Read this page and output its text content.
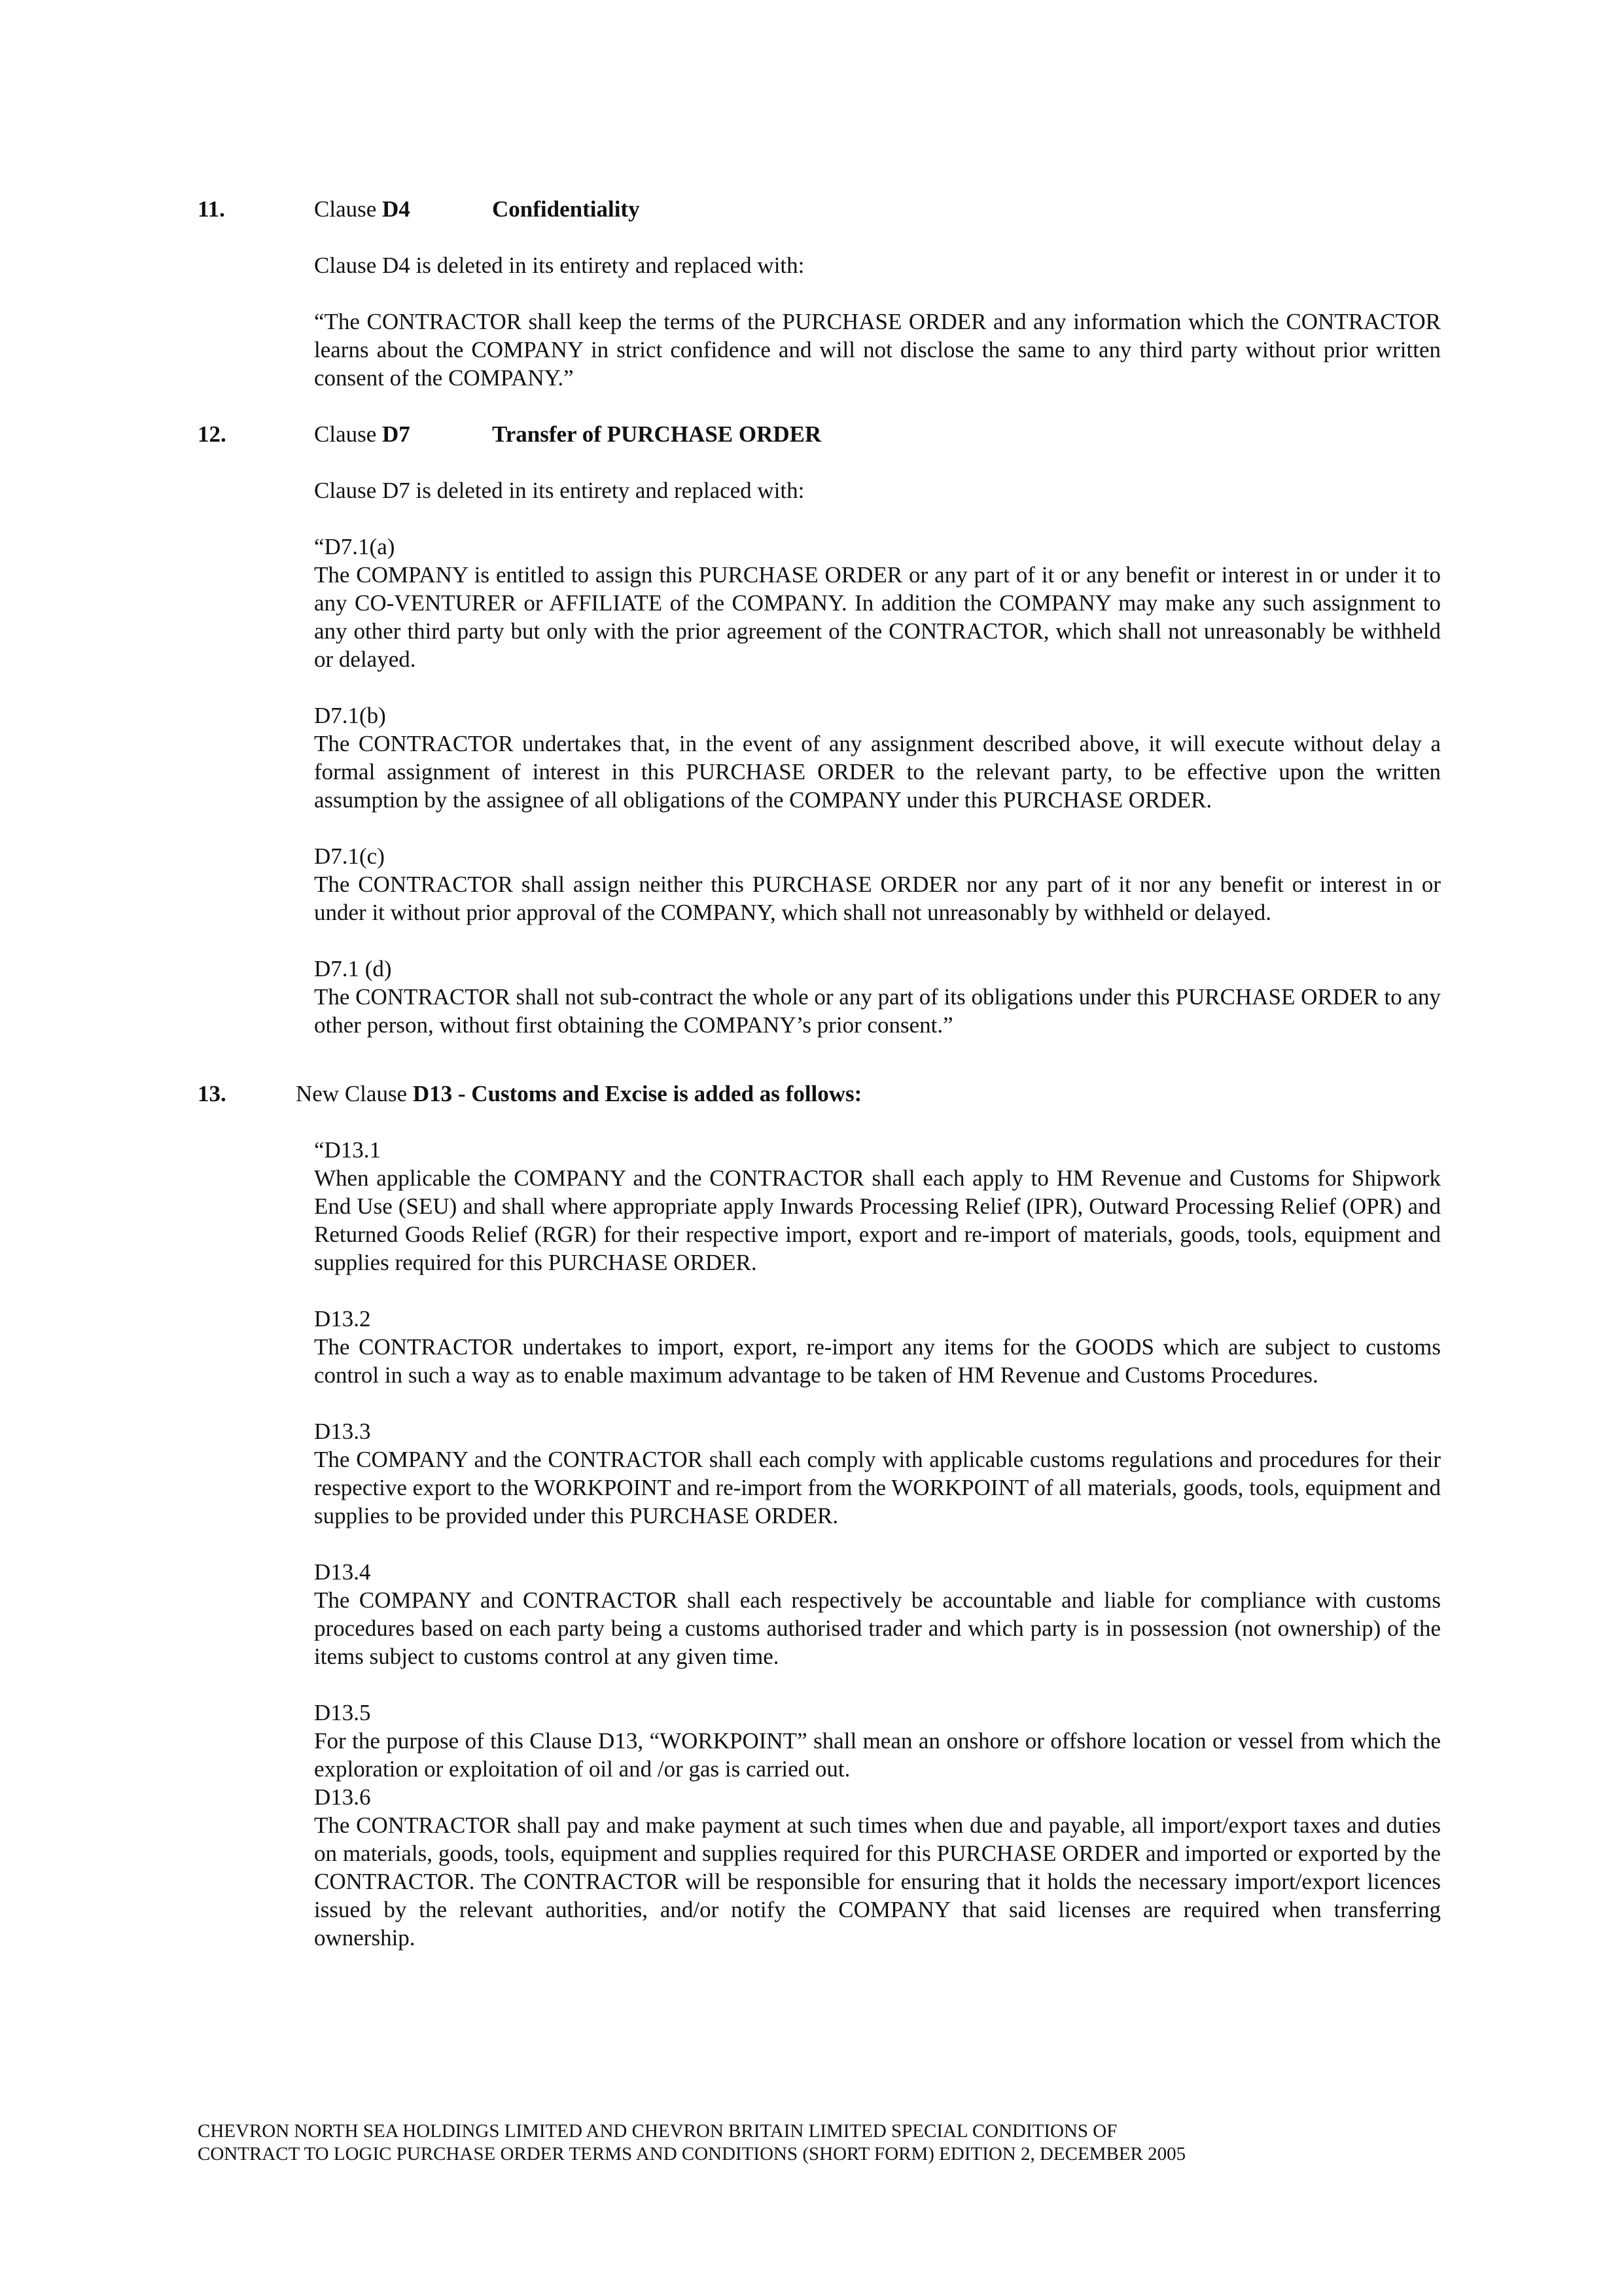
11.	Clause D4	Confidentiality

Clause D4 is deleted in its entirety and replaced with:

“The CONTRACTOR shall keep the terms of the PURCHASE ORDER and any information which the CONTRACTOR learns about the COMPANY in strict confidence and will not disclose the same to any third party without prior written consent of the COMPANY.”

12.	Clause D7	Transfer of PURCHASE ORDER

Clause D7 is deleted in its entirety and replaced with:

“D7.1(a)

The COMPANY is entitled to assign this PURCHASE ORDER or any part of it or any benefit or interest in or under it to any CO-VENTURER or AFFILIATE of the COMPANY. In addition the COMPANY may make any such assignment to any other third party but only with the prior agreement of the CONTRACTOR, which shall not unreasonably be withheld or delayed.

D7.1(b)

The CONTRACTOR undertakes that, in the event of any assignment described above, it will execute without delay a formal assignment of interest in this PURCHASE ORDER to the relevant party, to be effective upon the written assumption by the assignee of all obligations of the COMPANY under this PURCHASE ORDER.

D7.1(c)

The CONTRACTOR shall assign neither this PURCHASE ORDER nor any part of it nor any benefit or interest in or under it without prior approval of the COMPANY, which shall not unreasonably by withheld or delayed.

D7.1 (d)

The CONTRACTOR shall not sub-contract the whole or any part of its obligations under this PURCHASE ORDER to any other person, without first obtaining the COMPANY’s prior consent.”

13.	New Clause D13 - Customs and Excise is added as follows:

“D13.1

When applicable the COMPANY and the CONTRACTOR shall each apply to HM Revenue and Customs for Shipwork End Use (SEU) and shall where appropriate apply Inwards Processing Relief (IPR), Outward Processing Relief (OPR) and Returned Goods Relief (RGR) for their respective import, export and re-import of materials, goods, tools, equipment and supplies required for this PURCHASE ORDER.

D13.2

The CONTRACTOR undertakes to import, export, re-import any items for the GOODS which are subject to customs control in such a way as to enable maximum advantage to be taken of HM Revenue and Customs Procedures.

D13.3

The COMPANY and the CONTRACTOR shall each comply with applicable customs regulations and procedures for their respective export to the WORKPOINT and re-import from the WORKPOINT of all materials, goods, tools, equipment and supplies to be provided under this PURCHASE ORDER.

D13.4

The COMPANY and CONTRACTOR shall each respectively be accountable and liable for compliance with customs procedures based on each party being a customs authorised trader and which party is in possession (not ownership) of the items subject to customs control at any given time.

D13.5

For the purpose of this Clause D13, “WORKPOINT” shall mean an onshore or offshore location or vessel from which the exploration or exploitation of oil and /or gas is carried out.

D13.6

The CONTRACTOR shall pay and make payment at such times when due and payable, all import/export taxes and duties on materials, goods, tools, equipment and supplies required for this PURCHASE ORDER and imported or exported by the CONTRACTOR. The CONTRACTOR will be responsible for ensuring that it holds the necessary import/export licences issued by the relevant authorities, and/or notify the COMPANY that said licenses are required when transferring ownership.

CHEVRON NORTH SEA HOLDINGS LIMITED AND CHEVRON BRITAIN LIMITED SPECIAL CONDITIONS OF
CONTRACT TO LOGIC PURCHASE ORDER TERMS AND CONDITIONS (SHORT FORM) EDITION 2, DECEMBER 2005
